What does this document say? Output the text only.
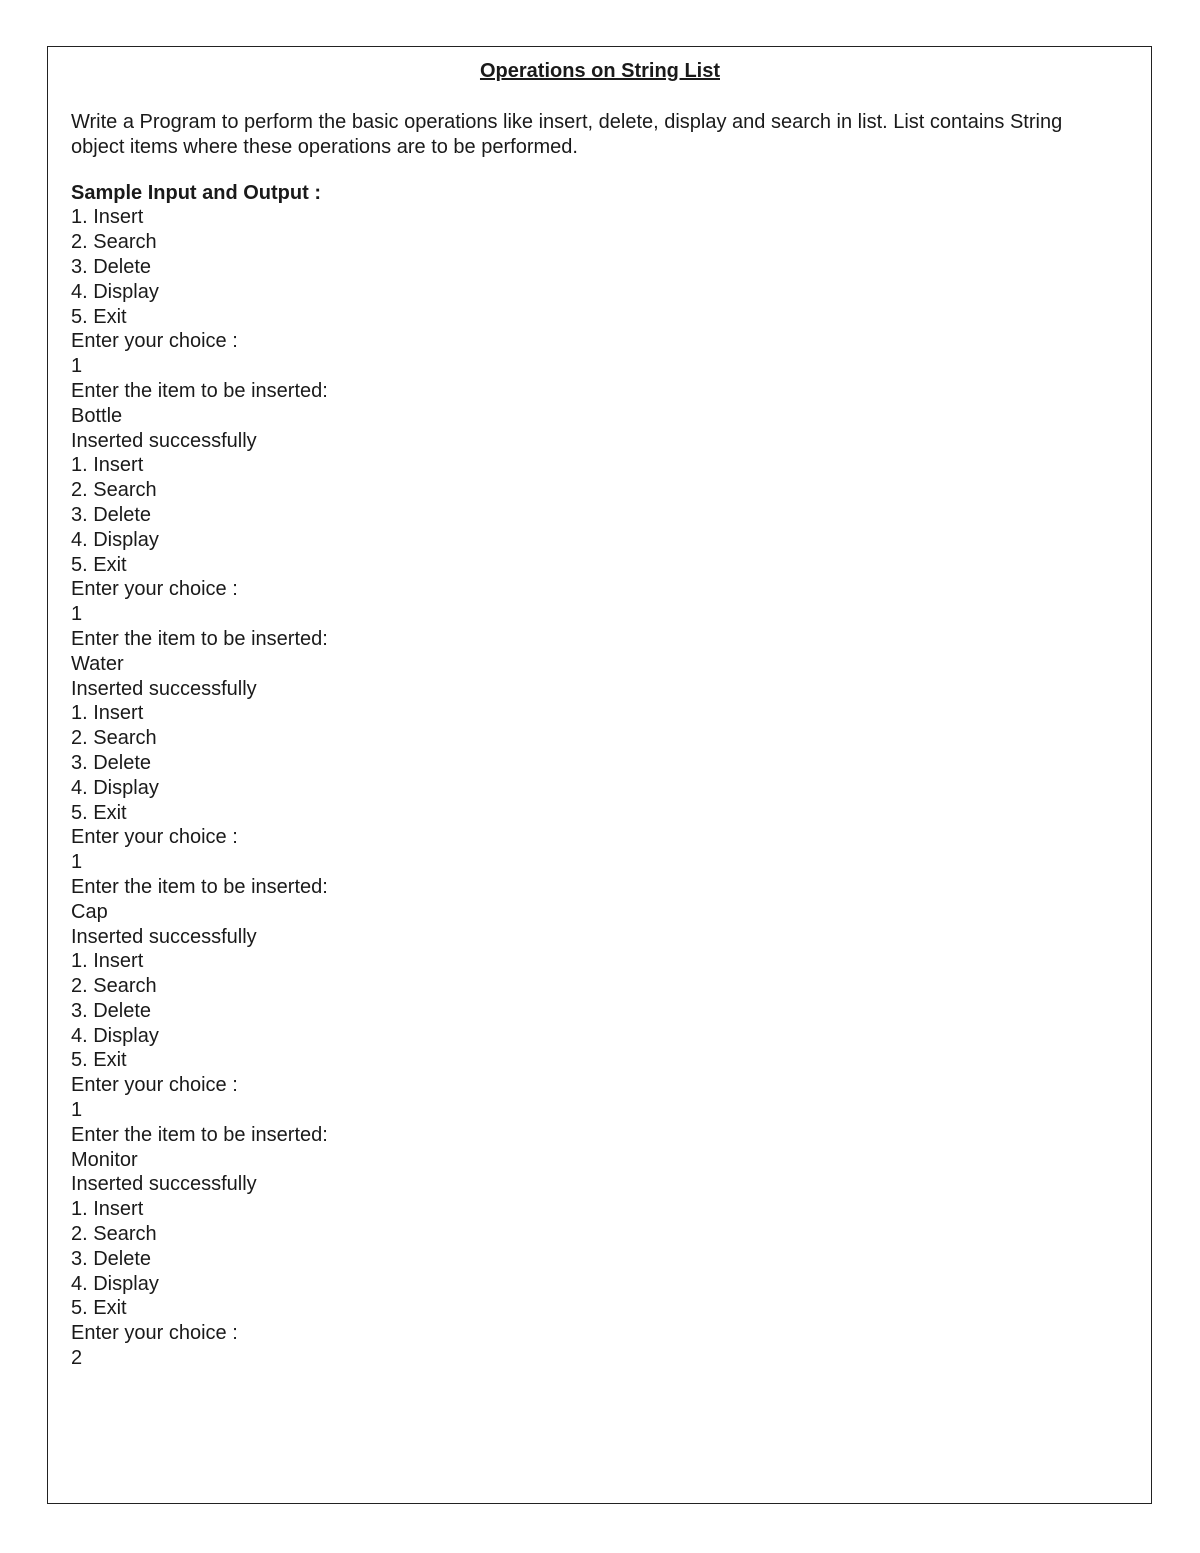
Operations on String List

Write a Program to perform the basic operations like insert, delete, display and search in list. List contains String object items where these operations are to be performed.

Sample Input and Output :

1. Insert
2. Search
3. Delete
4. Display
5. Exit
Enter your choice :
1
Enter the item to be inserted:
Bottle
Inserted successfully
1. Insert
2. Search
3. Delete
4. Display
5. Exit
Enter your choice :
1
Enter the item to be inserted:
Water
Inserted successfully
1. Insert
2. Search
3. Delete
4. Display
5. Exit
Enter your choice :
1
Enter the item to be inserted:
Cap
Inserted successfully
1. Insert
2. Search
3. Delete
4. Display
5. Exit
Enter your choice :
1
Enter the item to be inserted:
Monitor
Inserted successfully
1. Insert
2. Search
3. Delete
4. Display
5. Exit
Enter your choice :
2
